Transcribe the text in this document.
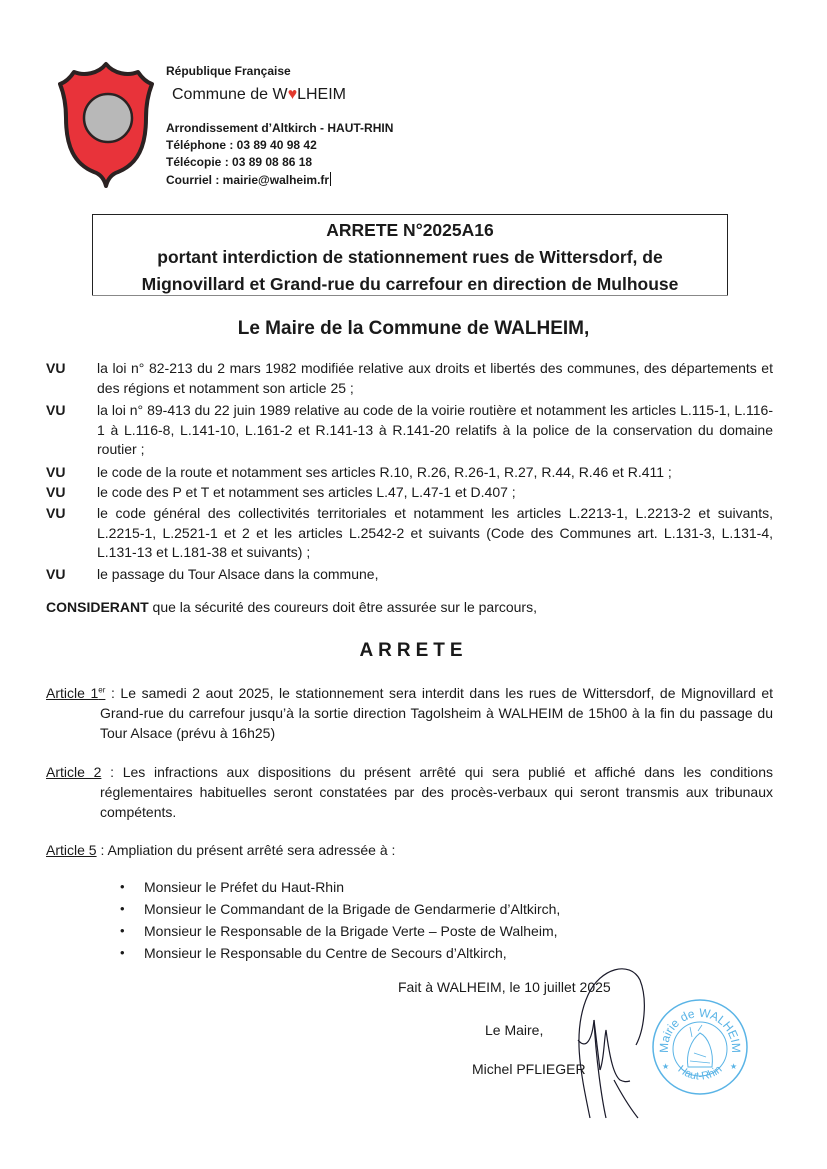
République Française
Commune de W♥LHEIM
Arrondissement d’Altkirch - HAUT-RHIN
Téléphone : 03 89 40 98 42
Télécopie : 03 89 08 86 18
Courriel : mairie@walheim.fr
ARRETE N°2025A16
portant interdiction de stationnement rues de Wittersdorf, de
Mignovillard et Grand-rue du carrefour en direction de Mulhouse
Le Maire de la Commune de WALHEIM,
VU	la loi n° 82-213 du 2 mars 1982 modifiée relative aux droits et libertés des communes, des départements et des régions et notamment son article 25 ;
VU	la loi n° 89-413 du 22 juin 1989 relative au code de la voirie routière et notamment les articles L.115-1, L.116-1 à L.116-8, L.141-10, L.161-2 et R.141-13 à R.141-20 relatifs à la police de la conservation du domaine routier ;
VU	le code de la route et notamment ses articles R.10, R.26, R.26-1, R.27, R.44, R.46 et R.411 ;
VU	le code des P et T et notamment ses articles L.47, L.47-1 et D.407 ;
VU	le code général des collectivités territoriales et notamment les articles L.2213-1, L.2213-2 et suivants, L.2215-1, L.2521-1 et 2 et les articles L.2542-2 et suivants (Code des Communes art. L.131-3, L.131-4, L.131-13 et L.181-38 et suivants) ;
VU	le passage du Tour Alsace dans la commune,
CONSIDERANT que la sécurité des coureurs doit être assurée sur le parcours,
ARRETE
Article 1er : Le samedi 2 aout 2025, le stationnement sera interdit dans les rues de Wittersdorf, de Mignovillard et Grand-rue du carrefour jusqu’à la sortie direction Tagolsheim à WALHEIM de 15h00 à la fin du passage du Tour Alsace (prévu à 16h25)
Article 2 : Les infractions aux dispositions du présent arrêté qui sera publié et affiché dans les conditions réglementaires habituelles seront constatées par des procès-verbaux qui seront transmis aux tribunaux compétents.
Article 5 : Ampliation du présent arrêté sera adressée à :
• Monsieur le Préfet du Haut-Rhin
• Monsieur le Commandant de la Brigade de Gendarmerie d’Altkirch,
• Monsieur le Responsable de la Brigade Verte – Poste de Walheim,
• Monsieur le Responsable du Centre de Secours d’Altkirch,
Fait à WALHEIM, le 10 juillet 2025
Le Maire,
Michel PFLIEGER
Mairie de WALHEIM
Haut-Rhin
★	★
